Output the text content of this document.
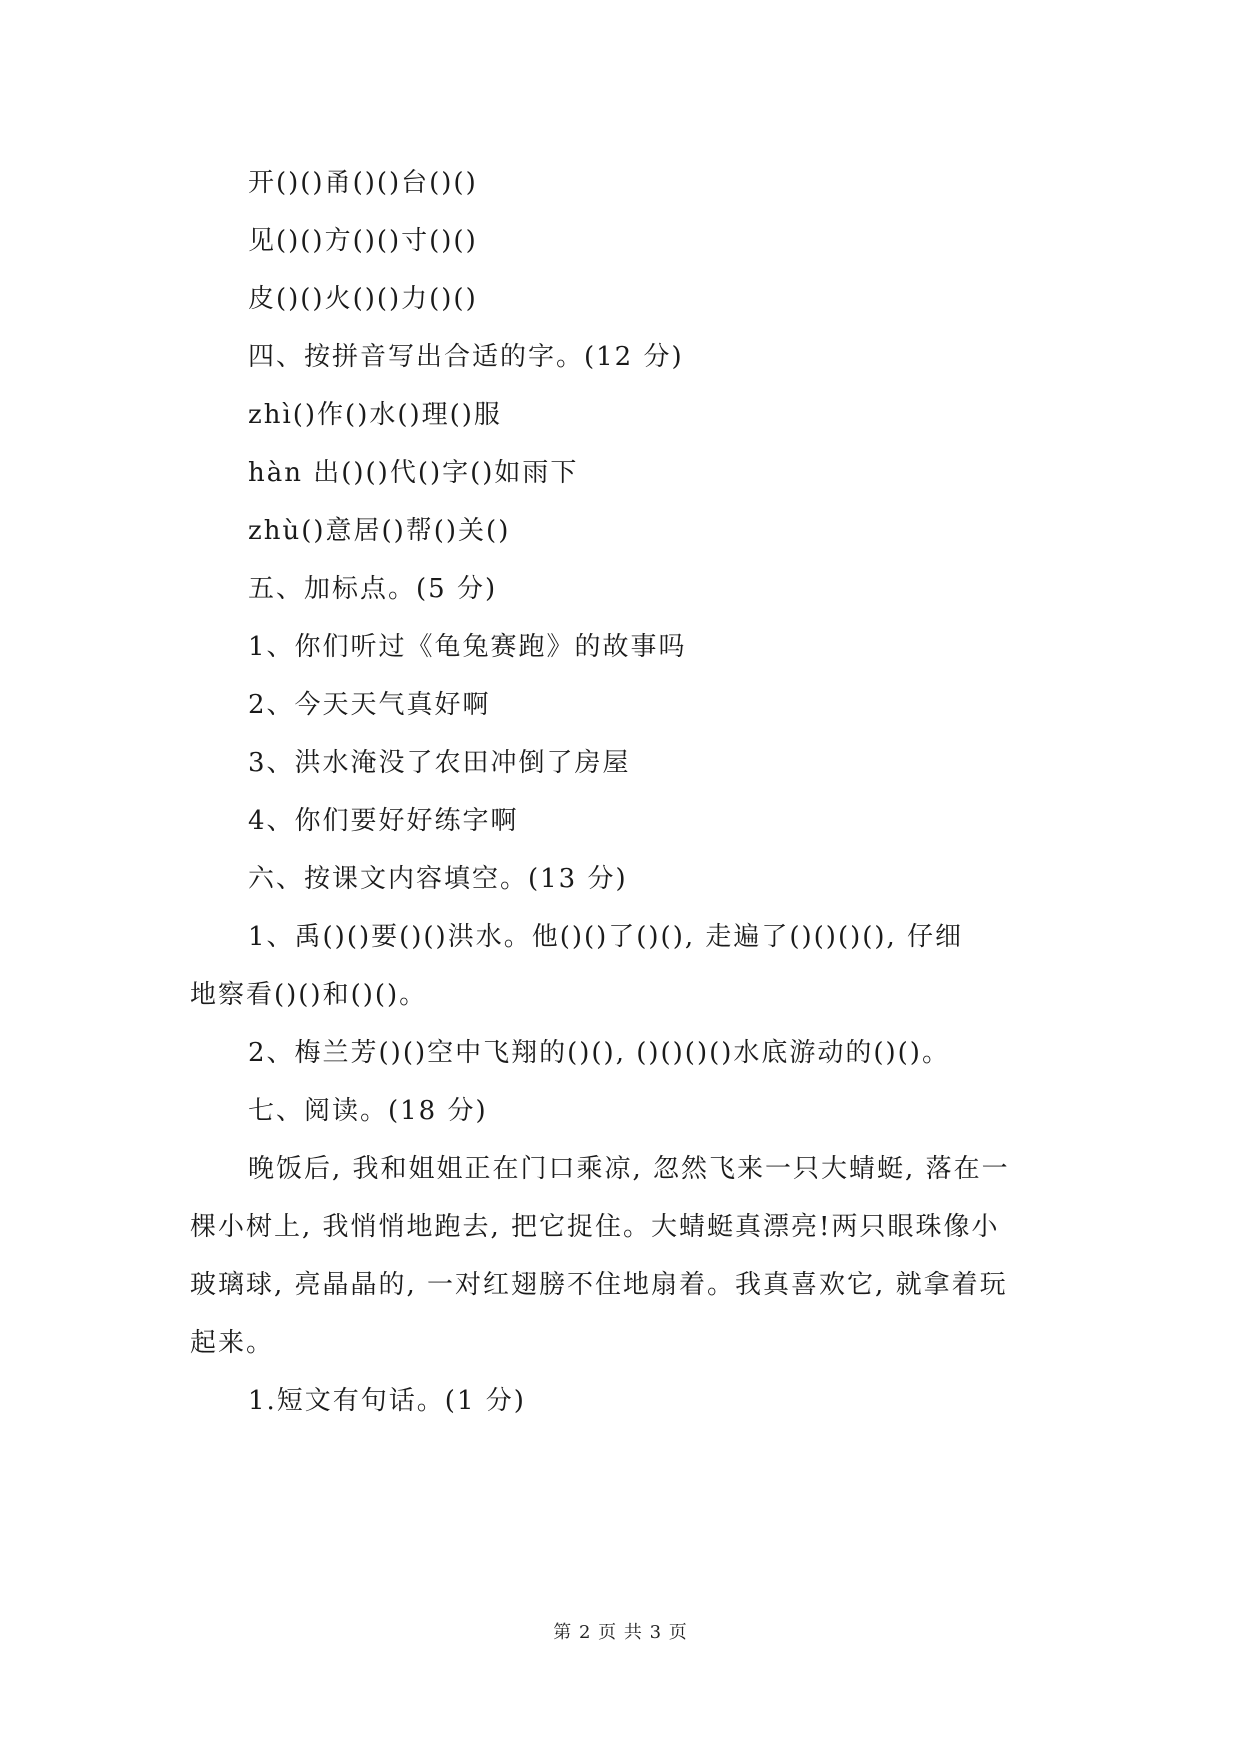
开()()甬()()台()()
见()()方()()寸()()
皮()()火()()力()()
四、按拼音写出合适的字。(12 分)
zhì()作()水()理()服
hàn 出()()代()字()如雨下
zhù()意居()帮()关()
五、加标点。(5 分)
1、你们听过《龟兔赛跑》的故事吗
2、今天天气真好啊
3、洪水淹没了农田冲倒了房屋
4、你们要好好练字啊
六、按课文内容填空。(13 分)
1、禹()()要()()洪水。他()()了()(), 走遍了()()()(), 仔细
地察看()()和()()。
2、梅兰芳()()空中飞翔的()(), ()()()()水底游动的()()。
七、阅读。(18 分)
晚饭后, 我和姐姐正在门口乘凉, 忽然飞来一只大蜻蜓, 落在一
棵小树上, 我悄悄地跑去, 把它捉住。大蜻蜓真漂亮!两只眼珠像小
玻璃球, 亮晶晶的, 一对红翅膀不住地扇着。我真喜欢它, 就拿着玩
起来。
1.短文有句话。(1 分)
第 2 页 共 3 页
